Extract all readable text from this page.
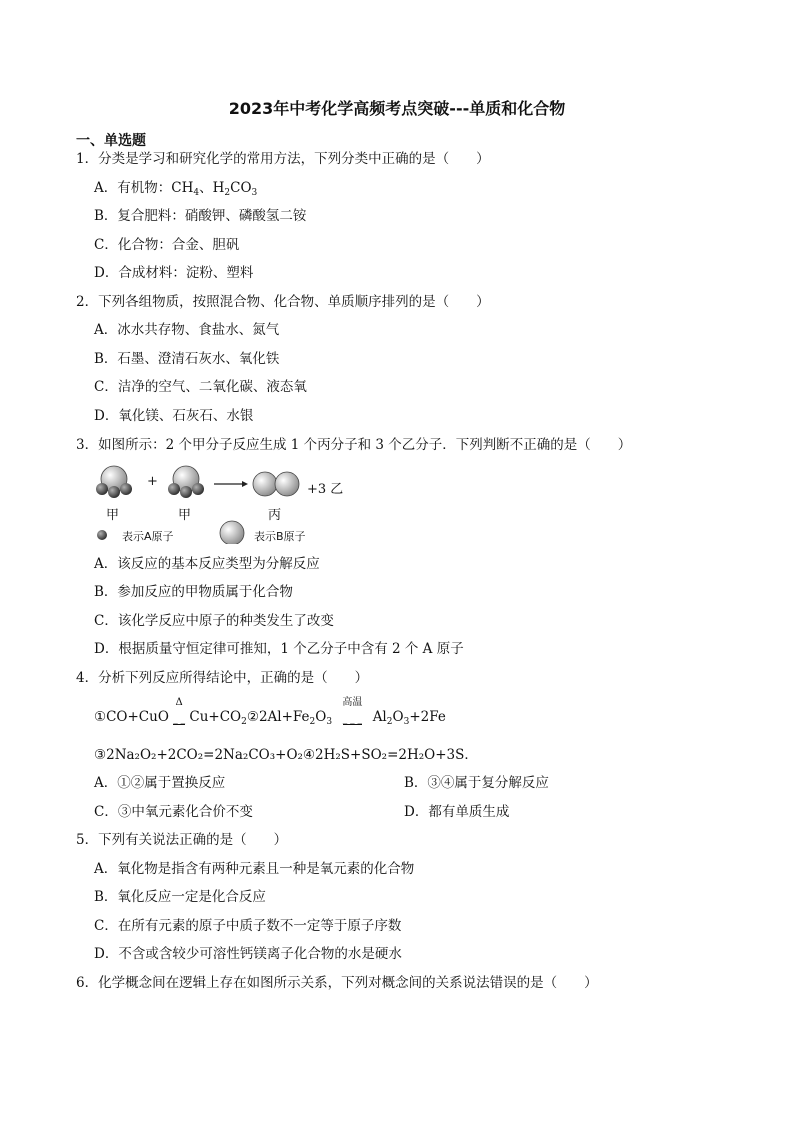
2023年中考化学高频考点突破---单质和化合物
一、单选题
1．分类是学习和研究化学的常用方法，下列分类中正确的是（　　）
A．有机物：$CH_4$、$H_2CO_3$
B．复合肥料：硝酸钾、磷酸氢二铵
C．化合物：合金、胆矾
D．合成材料：淀粉、塑料
2．下列各组物质，按照混合物、化合物、单质顺序排列的是（　　）
A．冰水共存物、食盐水、氮气
B．石墨、澄清石灰水、氧化铁
C．洁净的空气、二氧化碳、液态氧
D．氧化镁、石灰石、水银
3．如图所示：2 个甲分子反应生成 1 个丙分子和 3 个乙分子．下列判断不正确的是（　　）
+
+3 乙
甲	甲	丙
表示A原子	表示B原子
A．该反应的基本反应类型为分解反应
B．参加反应的甲物质属于化合物
C．该化学反应中原子的种类发生了改变
D．根据质量守恒定律可推知，1 个乙分子中含有 2 个 A 原子
4．分析下列反应所得结论中，正确的是（　　）
①CO+CuO
Δ
_ _ $Cu+CO_2②2Al+Fe_2O_3$
高温
_ _ _ $Al_2O_3+2Fe$
③2Na₂O₂+2CO₂=2Na₂CO₃+O₂④2H₂S+SO₂=2H₂O+3S．
A．①②属于置换反应	B．③④属于复分解反应
C．③中氧元素化合价不变	D．都有单质生成
5．下列有关说法正确的是（　　）
A．氧化物是指含有两种元素且一种是氧元素的化合物
B．氧化反应一定是化合反应
C．在所有元素的原子中质子数不一定等于原子序数
D．不含或含较少可溶性钙镁离子化合物的水是硬水
6．化学概念间在逻辑上存在如图所示关系，下列对概念间的关系说法错误的是（　　）
